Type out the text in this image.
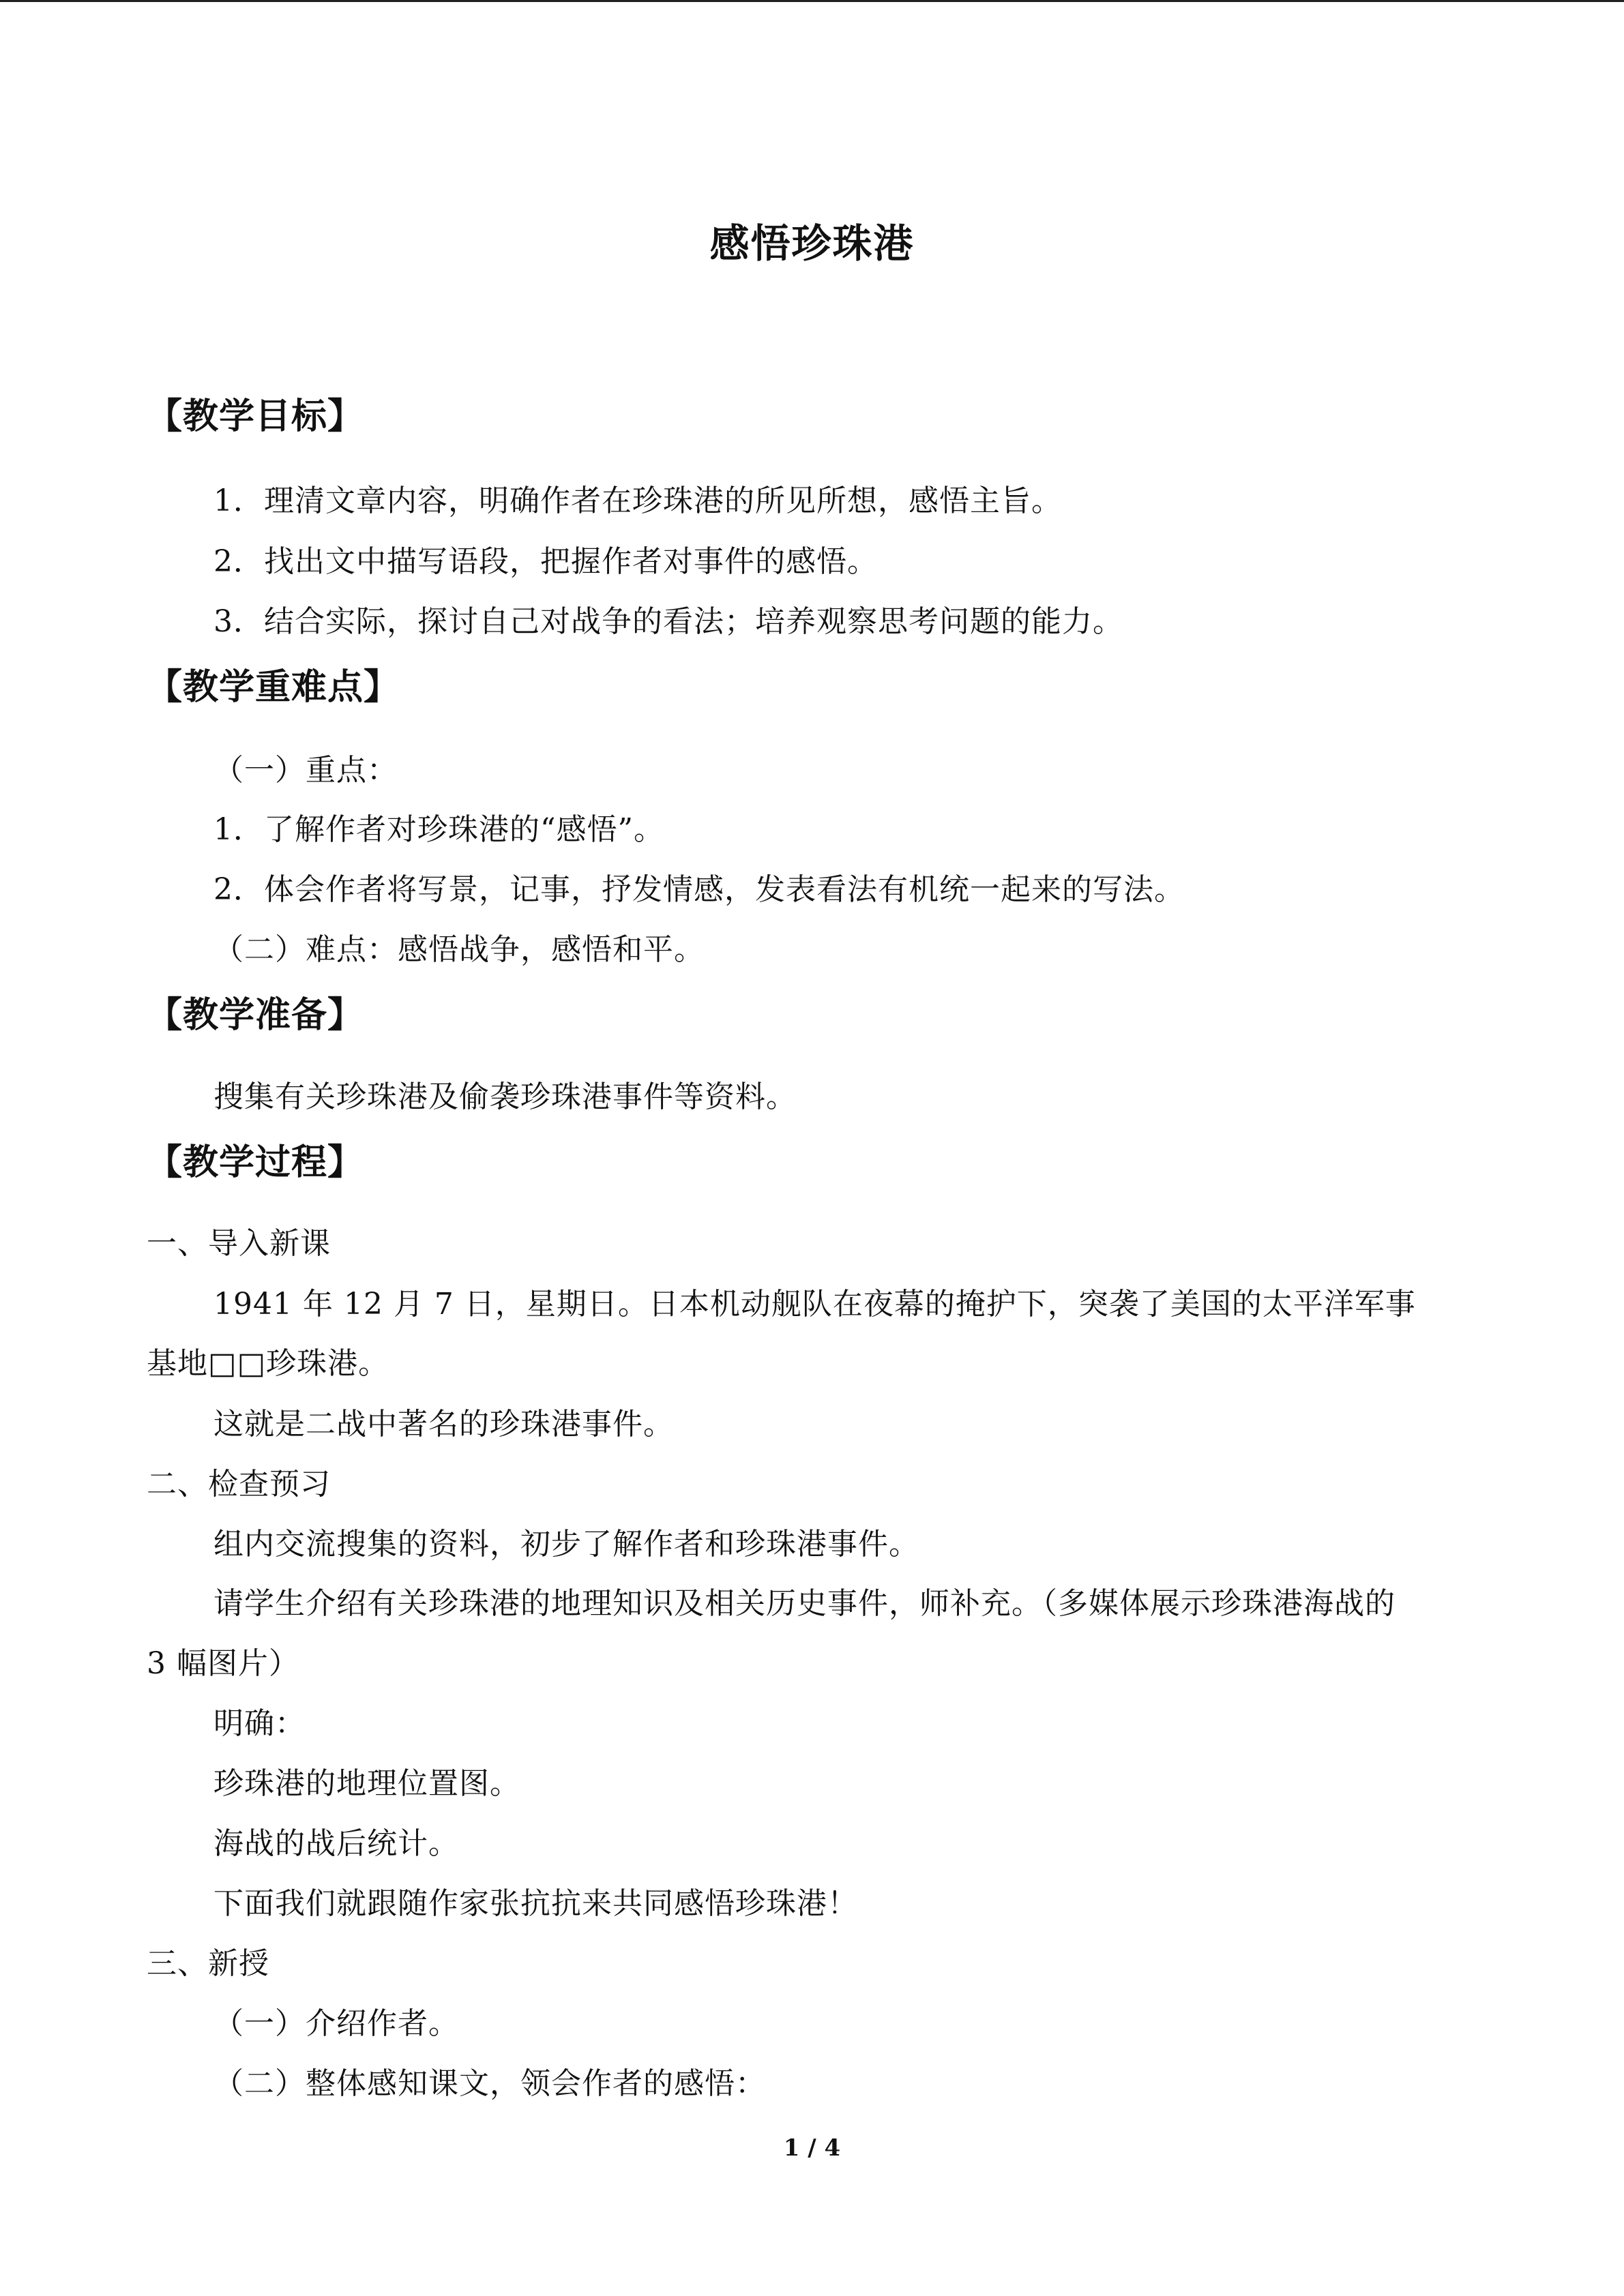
感悟珍珠港
【教学目标】
1．理清文章内容，明确作者在珍珠港的所见所想，感悟主旨。
2．找出文中描写语段，把握作者对事件的感悟。
3．结合实际，探讨自己对战争的看法；培养观察思考问题的能力。
【教学重难点】
（一）重点：
1．了解作者对珍珠港的“感悟”。
2．体会作者将写景，记事，抒发情感，发表看法有机统一起来的写法。
（二）难点：感悟战争，感悟和平。
【教学准备】
搜集有关珍珠港及偷袭珍珠港事件等资料。
【教学过程】
一、导入新课
1941 年 12 月 7 日，星期日。日本机动舰队在夜幕的掩护下，突袭了美国的太平洋军事
基地□□珍珠港。
这就是二战中著名的珍珠港事件。
二、检查预习
组内交流搜集的资料，初步了解作者和珍珠港事件。
请学生介绍有关珍珠港的地理知识及相关历史事件，师补充。（多媒体展示珍珠港海战的
3 幅图片）
明确：
珍珠港的地理位置图。
海战的战后统计。
下面我们就跟随作家张抗抗来共同感悟珍珠港！
三、新授
（一）介绍作者。
（二）整体感知课文，领会作者的感悟：
1 / 4
